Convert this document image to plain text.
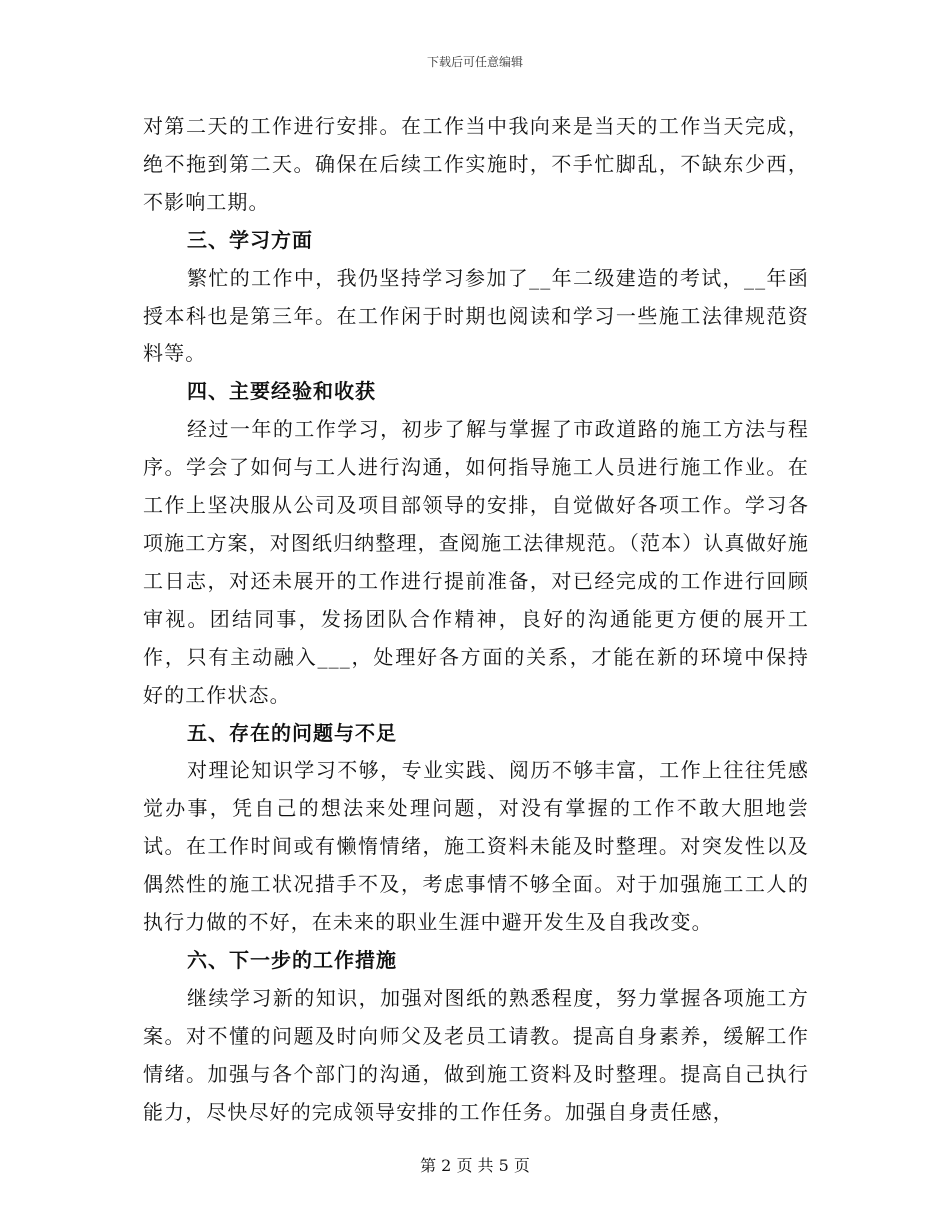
下载后可任意编辑

对第二天的工作进行安排。在工作当中我向来是当天的工作当天完成，绝不拖到第二天。确保在后续工作实施时，不手忙脚乱，不缺东少西，不影响工期。

三、学习方面

繁忙的工作中，我仍坚持学习参加了__年二级建造的考试，__年函授本科也是第三年。在工作闲于时期也阅读和学习一些施工法律规范资料等。

四、主要经验和收获

经过一年的工作学习，初步了解与掌握了市政道路的施工方法与程序。学会了如何与工人进行沟通，如何指导施工人员进行施工作业。在工作上坚决服从公司及项目部领导的安排，自觉做好各项工作。学习各项施工方案，对图纸归纳整理，查阅施工法律规范。（范本）认真做好施工日志，对还未展开的工作进行提前准备，对已经完成的工作进行回顾审视。团结同事，发扬团队合作精神，良好的沟通能更方便的展开工作，只有主动融入___，处理好各方面的关系，才能在新的环境中保持好的工作状态。

五、存在的问题与不足

对理论知识学习不够，专业实践、阅历不够丰富，工作上往往凭感觉办事，凭自己的想法来处理问题，对没有掌握的工作不敢大胆地尝试。在工作时间或有懒惰情绪，施工资料未能及时整理。对突发性以及偶然性的施工状况措手不及，考虑事情不够全面。对于加强施工工人的执行力做的不好，在未来的职业生涯中避开发生及自我改变。

六、下一步的工作措施

继续学习新的知识，加强对图纸的熟悉程度，努力掌握各项施工方案。对不懂的问题及时向师父及老员工请教。提高自身素养，缓解工作情绪。加强与各个部门的沟通，做到施工资料及时整理。提高自己执行能力，尽快尽好的完成领导安排的工作任务。加强自身责任感，

第 2 页 共 5 页
